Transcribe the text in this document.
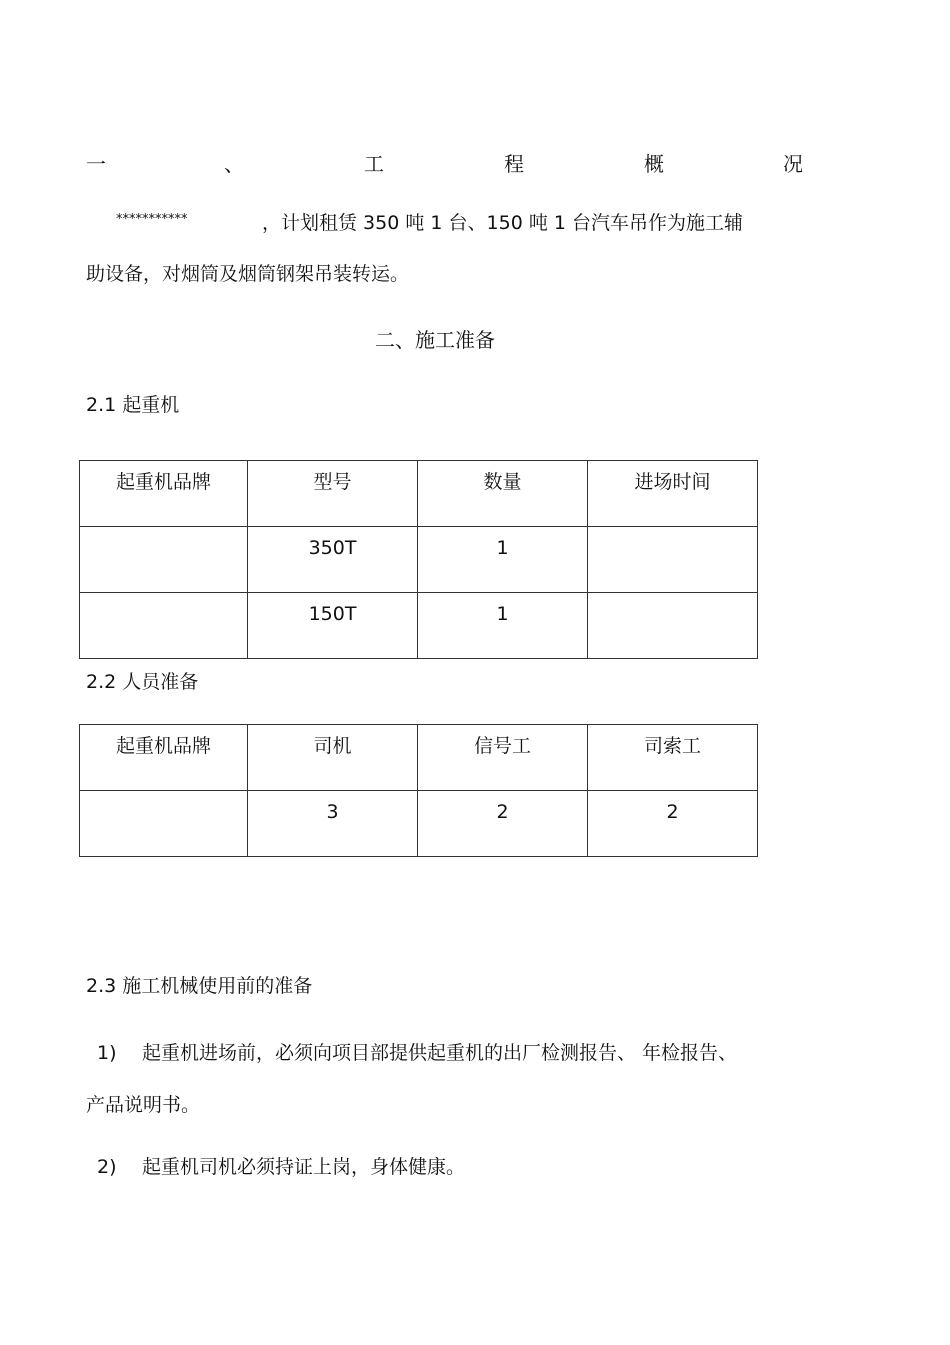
一	、	工	程	概	况
***********	，计划租赁 350 吨 1 台、150 吨 1 台汽车吊作为施工辅
助设备，对烟筒及烟筒钢架吊装转运。
二、施工准备
2.1 起重机
起重机品牌	型号	数量	进场时间
	350T	1	
	150T	1	
2.2 人员准备
起重机品牌	司机	信号工	司索工
	3	2	2
2.3 施工机械使用前的准备
1) 起重机进场前，必须向项目部提供起重机的出厂检测报告、 年检报告、
产品说明书。
2) 起重机司机必须持证上岗，身体健康。
